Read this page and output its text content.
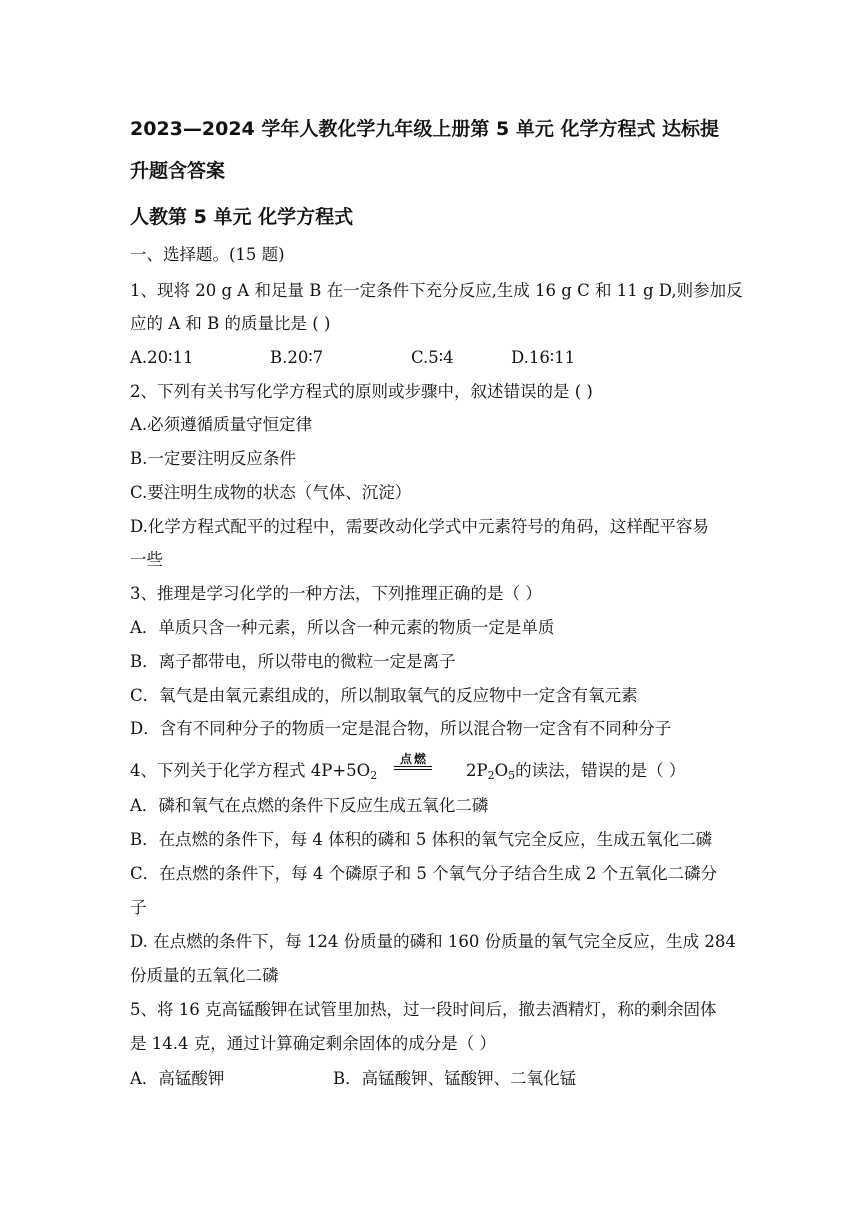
2023—2024 学年人教化学九年级上册第 5 单元 化学方程式 达标提
升题含答案
人教第 5 单元 化学方程式
一、选择题。(15 题)
1、现将 20 g A 和足量 B 在一定条件下充分反应,生成 16 g C 和 11 g D,则参加反
应的 A 和 B 的质量比是 ( )
A.20∶11	B.20∶7	C.5∶4	D.16∶11
2、下列有关书写化学方程式的原则或步骤中，叙述错误的是 ( )
A.必须遵循质量守恒定律
B.一定要注明反应条件
C.要注明生成物的状态（气体、沉淀）
D.化学方程式配平的过程中，需要改动化学式中元素符号的角码，这样配平容易
一些
3、推理是学习化学的一种方法，下列推理正确的是（ ）
A．单质只含一种元素，所以含一种元素的物质一定是单质
B．离子都带电，所以带电的微粒一定是离子
C．氧气是由氧元素组成的，所以制取氧气的反应物中一定含有氧元素
D．含有不同种分子的物质一定是混合物，所以混合物一定含有不同种分子
4、下列关于化学方程式 $4P+5O_2$
点燃
$2P_2O_5$的读法，错误的是（ ）
A．磷和氧气在点燃的条件下反应生成五氧化二磷
B．在点燃的条件下，每 4 体积的磷和 5 体积的氧气完全反应，生成五氧化二磷
C．在点燃的条件下，每 4 个磷原子和 5 个氧气分子结合生成 2 个五氧化二磷分
子
D. 在点燃的条件下，每 124 份质量的磷和 160 份质量的氧气完全反应，生成 284
份质量的五氧化二磷
5、将 16 克高锰酸钾在试管里加热，过一段时间后，撤去酒精灯，称的剩余固体
是 14.4 克，通过计算确定剩余固体的成分是（ ）
A．高锰酸钾	B．高锰酸钾、锰酸钾、二氧化锰
